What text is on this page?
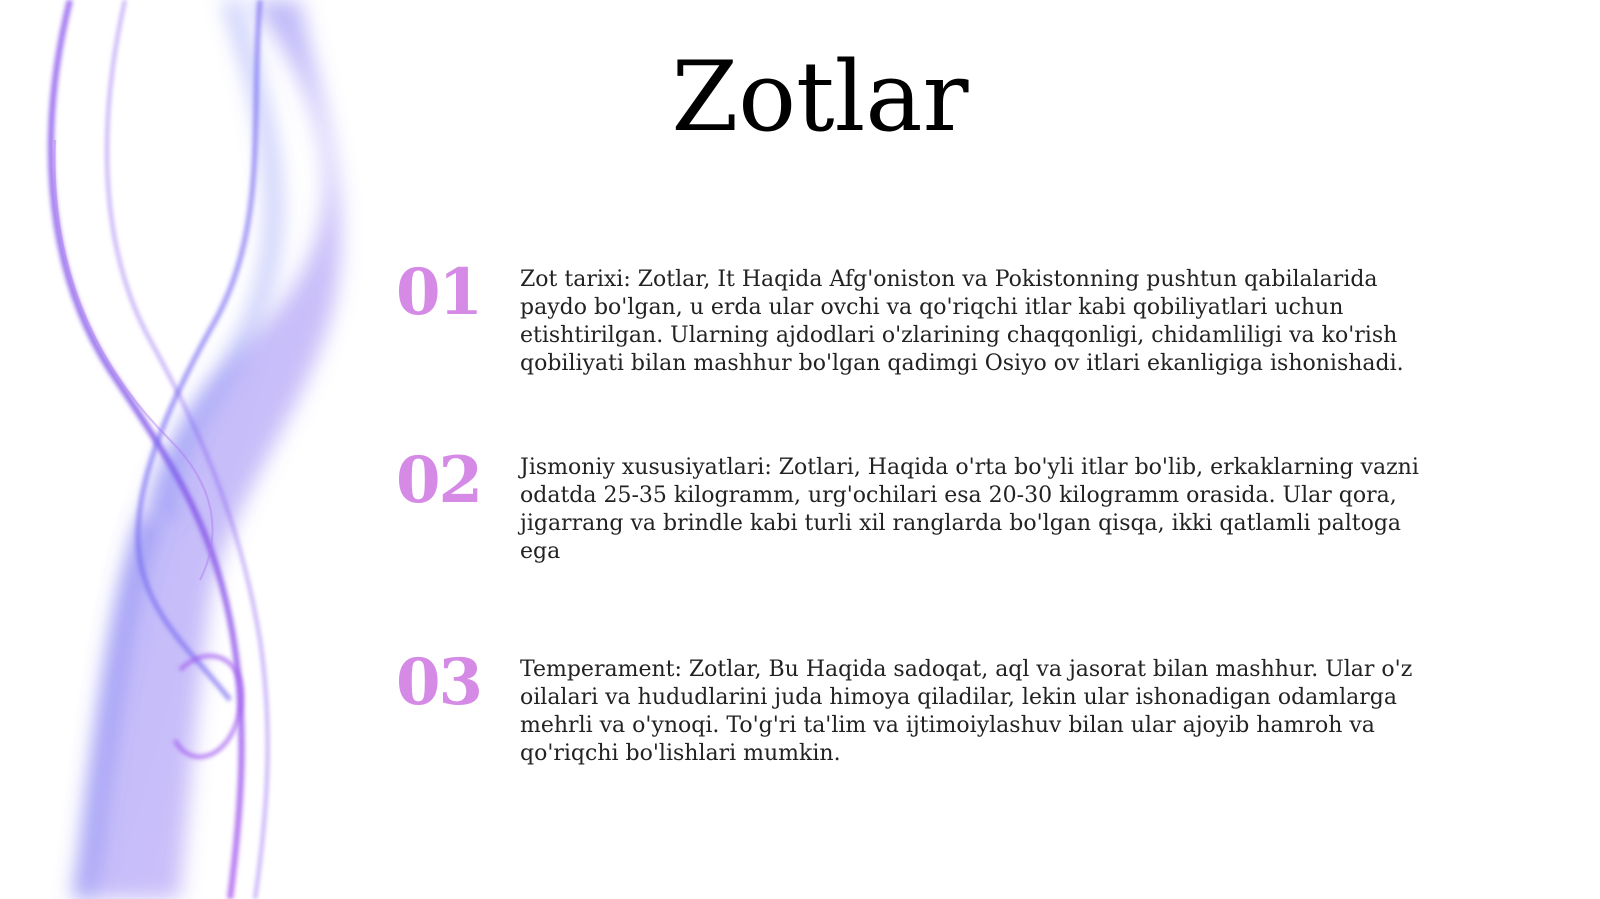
Zotlar
01 Zot tarixi: Zotlar, It Haqida Afg'oniston va Pokistonning pushtun qabilalarida paydo bo'lgan, u erda ular ovchi va qo'riqchi itlar kabi qobiliyatlari uchun etishtirilgan. Ularning ajdodlari o'zlarining chaqqonligi, chidamliligi va ko'rish qobiliyati bilan mashhur bo'lgan qadimgi Osiyo ov itlari ekanligiga ishonishadi.

02 Jismoniy xususiyatlari: Zotlari, Haqida o'rta bo'yli itlar bo'lib, erkaklarning vazni odatda 25-35 kilogramm, urg'ochilari esa 20-30 kilogramm orasida. Ular qora, jigarrang va brindle kabi turli xil ranglarda bo'lgan qisqa, ikki qatlamli paltoga ega

03 Temperament: Zotlar, Bu Haqida sadoqat, aql va jasorat bilan mashhur. Ular o'z oilalari va hududlarini juda himoya qiladilar, lekin ular ishonadigan odamlarga mehrli va o'ynoqi. To'g'ri ta'lim va ijtimoiylashuv bilan ular ajoyib hamroh va qo'riqchi bo'lishlari mumkin.
